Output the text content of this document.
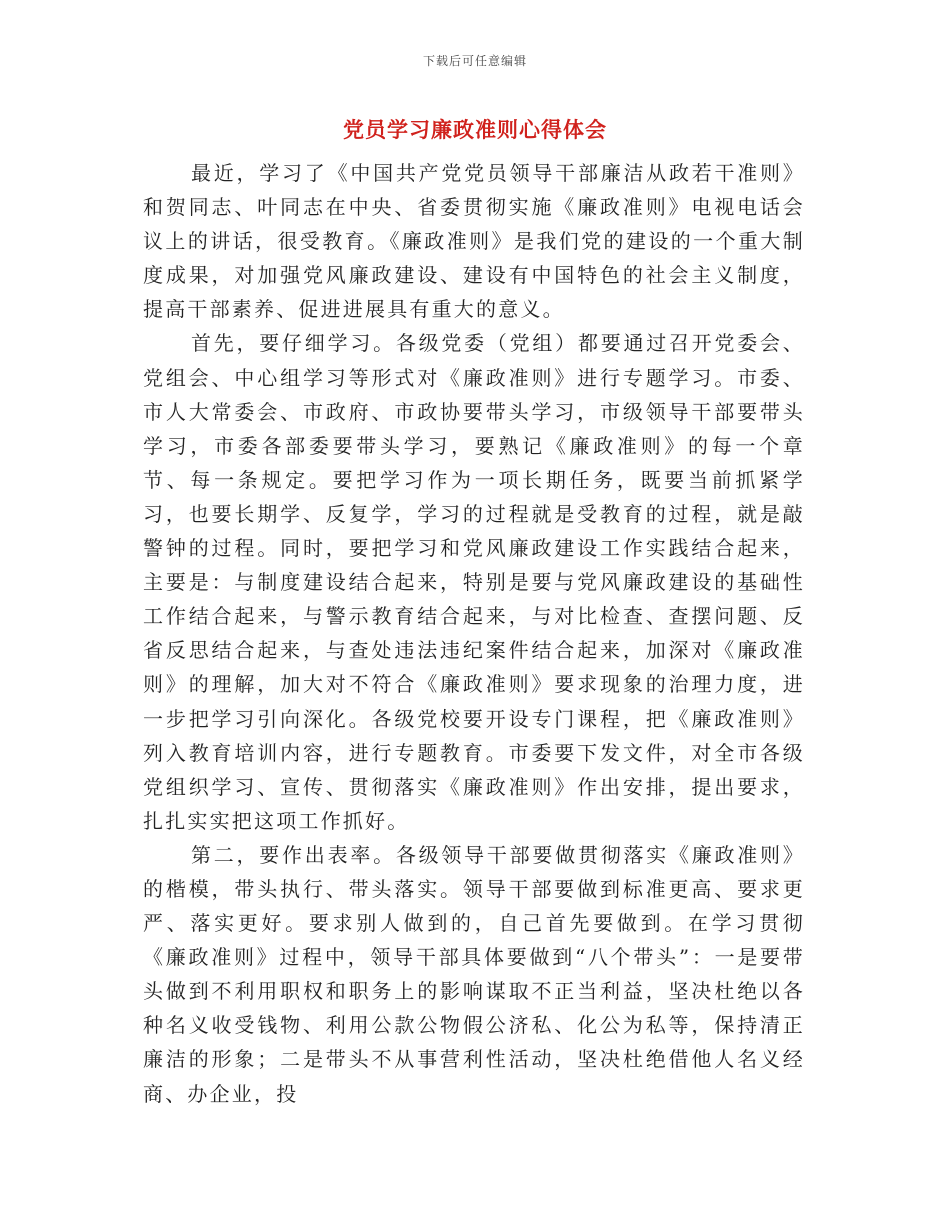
下载后可任意编辑
党员学习廉政准则心得体会

最近，学习了《中国共产党党员领导干部廉洁从政若干准则》和贺同志、叶同志在中央、省委贯彻实施《廉政准则》电视电话会议上的讲话，很受教育。《廉政准则》是我们党的建设的一个重大制度成果，对加强党风廉政建设、建设有中国特色的社会主义制度，提高干部素养、促进进展具有重大的意义。

首先，要仔细学习。各级党委（党组）都要通过召开党委会、党组会、中心组学习等形式对《廉政准则》进行专题学习。市委、市人大常委会、市政府、市政协要带头学习，市级领导干部要带头学习，市委各部委要带头学习，要熟记《廉政准则》的每一个章节、每一条规定。要把学习作为一项长期任务，既要当前抓紧学习，也要长期学、反复学，学习的过程就是受教育的过程，就是敲警钟的过程。同时，要把学习和党风廉政建设工作实践结合起来，主要是：与制度建设结合起来，特别是要与党风廉政建设的基础性工作结合起来，与警示教育结合起来，与对比检查、查摆问题、反省反思结合起来，与查处违法违纪案件结合起来，加深对《廉政准则》的理解，加大对不符合《廉政准则》要求现象的治理力度，进一步把学习引向深化。各级党校要开设专门课程，把《廉政准则》列入教育培训内容，进行专题教育。市委要下发文件，对全市各级党组织学习、宣传、贯彻落实《廉政准则》作出安排，提出要求，扎扎实实把这项工作抓好。

第二，要作出表率。各级领导干部要做贯彻落实《廉政准则》的楷模，带头执行、带头落实。领导干部要做到标准更高、要求更严、落实更好。要求别人做到的，自己首先要做到。在学习贯彻《廉政准则》过程中，领导干部具体要做到“八个带头”：一是要带头做到不利用职权和职务上的影响谋取不正当利益，坚决杜绝以各种名义收受钱物、利用公款公物假公济私、化公为私等，保持清正廉洁的形象；二是带头不从事营利性活动，坚决杜绝借他人名义经商、办企业，投
